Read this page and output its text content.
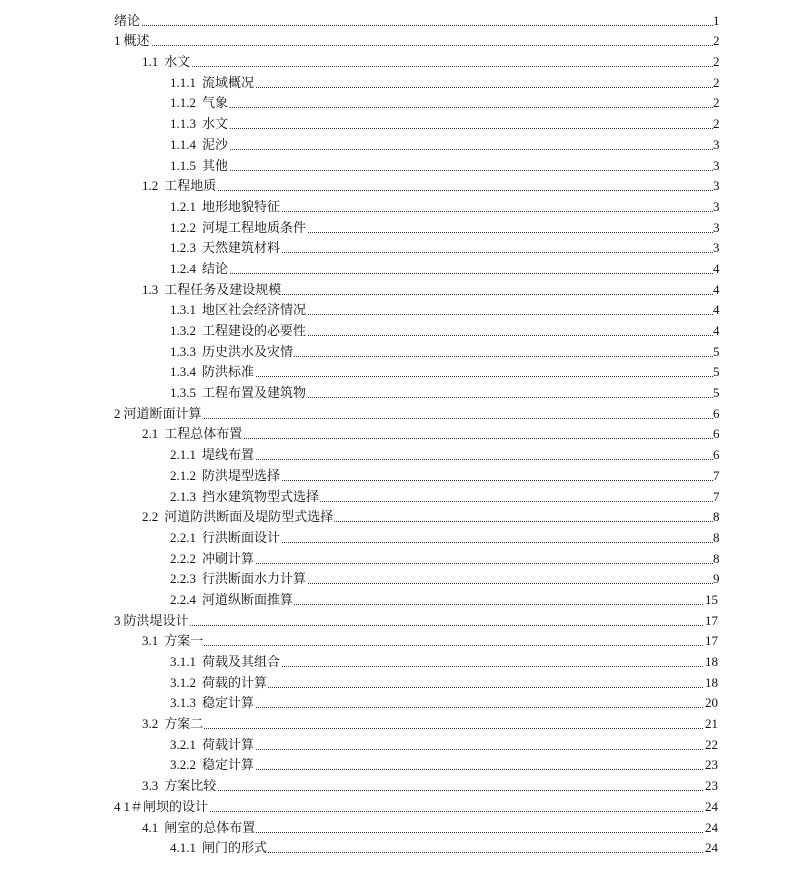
绪论	1
1 概述	2
1.1 水文	2
1.1.1 流域概况	2
1.1.2 气象	2
1.1.3 水文	2
1.1.4 泥沙	3
1.1.5 其他	3
1.2 工程地质	3
1.2.1 地形地貌特征	3
1.2.2 河堤工程地质条件	3
1.2.3 天然建筑材料	3
1.2.4 结论	4
1.3 工程任务及建设规模	4
1.3.1 地区社会经济情况	4
1.3.2 工程建设的必要性	4
1.3.3 历史洪水及灾情	5
1.3.4 防洪标准	5
1.3.5 工程布置及建筑物	5
2 河道断面计算	6
2.1 工程总体布置	6
2.1.1 堤线布置	6
2.1.2 防洪堤型选择	7
2.1.3 挡水建筑物型式选择	7
2.2 河道防洪断面及堤防型式选择	8
2.2.1 行洪断面设计	8
2.2.2 冲刷计算	8
2.2.3 行洪断面水力计算	9
2.2.4 河道纵断面推算	15
3 防洪堤设计	17
3.1 方案一	17
3.1.1 荷载及其组合	18
3.1.2 荷载的计算	18
3.1.3 稳定计算	20
3.2 方案二	21
3.2.1 荷载计算	22
3.2.2 稳定计算	23
3.3 方案比较	23
4 1＃闸坝的设计	24
4.1 闸室的总体布置	24
4.1.1 闸门的形式	24
